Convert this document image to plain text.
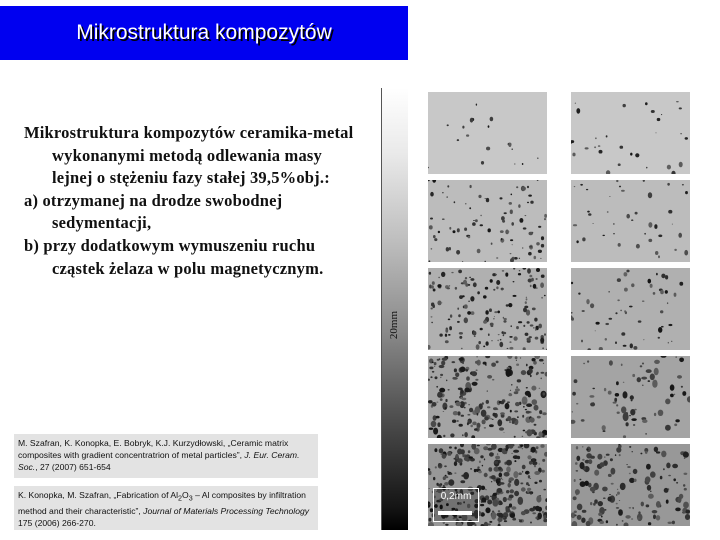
Mikrostruktura kompozytów

Mikrostruktura kompozytów ceramika-metal wykonanymi metodą odlewania masy lejnej o stężeniu fazy stałej 39,5%obj.:

a) otrzymanej na drodze swobodnej sedymentacji,

b) przy dodatkowym wymuszeniu ruchu cząstek żelaza w polu magnetycznym.

M. Szafran, K. Konopka, E. Bobryk, K.J. Kurzydłowski, „Ceramic matrix composites with gradient concentratrion of metal particles”, J. Eur. Ceram. Soc., 27 (2007) 651-654
K. Konopka, M. Szafran, „Fabrication of $Al_2O_3$ – Al composites by infiltration method and their characteristic”, Journal of Materials Processing Technology 175 (2006) 266-270.
20mm
0,2mm
